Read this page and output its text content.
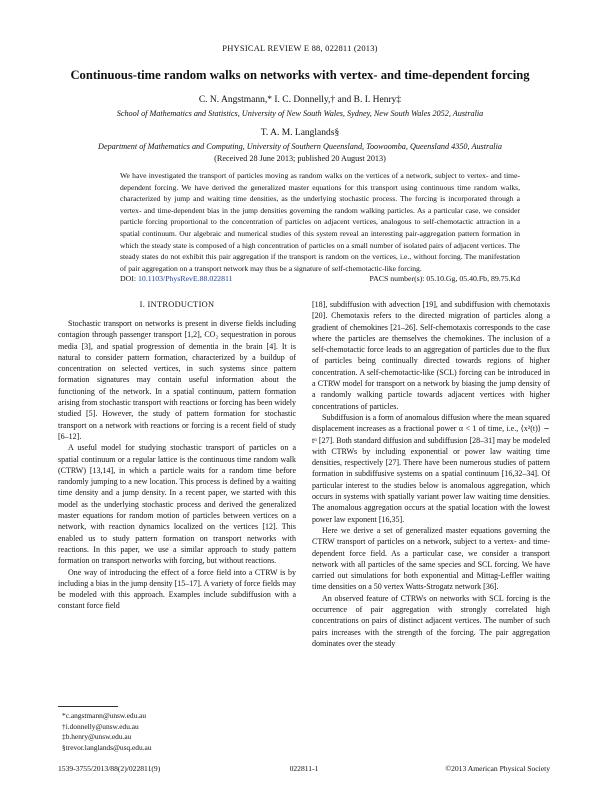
PHYSICAL REVIEW E 88, 022811 (2013)
Continuous-time random walks on networks with vertex- and time-dependent forcing
C. N. Angstmann,* I. C. Donnelly,† and B. I. Henry‡
School of Mathematics and Statistics, University of New South Wales, Sydney, New South Wales 2052, Australia
T. A. M. Langlands§
Department of Mathematics and Computing, University of Southern Queensland, Toowoomba, Queensland 4350, Australia
(Received 28 June 2013; published 20 August 2013)
We have investigated the transport of particles moving as random walks on the vertices of a network, subject to vertex- and time-dependent forcing. We have derived the generalized master equations for this transport using continuous time random walks, characterized by jump and waiting time densities, as the underlying stochastic process. The forcing is incorporated through a vertex- and time-dependent bias in the jump densities governing the random walking particles. As a particular case, we consider particle forcing proportional to the concentration of particles on adjacent vertices, analogous to self-chemotactic attraction in a spatial continuum. Our algebraic and numerical studies of this system reveal an interesting pair-aggregation pattern formation in which the steady state is composed of a high concentration of particles on a small number of isolated pairs of adjacent vertices. The steady states do not exhibit this pair aggregation if the transport is random on the vertices, i.e., without forcing. The manifestation of pair aggregation on a transport network may thus be a signature of self-chemotactic-like forcing.
DOI: 10.1103/PhysRevE.88.022811	PACS number(s): 05.10.Gg, 05.40.Fb, 89.75.Kd
I. INTRODUCTION

Stochastic transport on networks is present in diverse fields including contagion through passenger transport [1,2], CO₂ sequestration in porous media [3], and spatial progression of dementia in the brain [4]. It is natural to consider pattern formation, characterized by a buildup of concentration on selected vertices, in such systems since pattern formation signatures may contain useful information about the functioning of the network. In a spatial continuum, pattern formation arising from stochastic transport with reactions or forcing has been widely studied [5]. However, the study of pattern formation for stochastic transport on a network with reactions or forcing is a recent field of study [6–12].

A useful model for studying stochastic transport of particles on a spatial continuum or a regular lattice is the continuous time random walk (CTRW) [13,14], in which a particle waits for a random time before randomly jumping to a new location. This process is defined by a waiting time density and a jump density. In a recent paper, we started with this model as the underlying stochastic process and derived the generalized master equations for random motion of particles between vertices on a network, with reaction dynamics localized on the vertices [12]. This enabled us to study pattern formation on transport networks with reactions. In this paper, we use a similar approach to study pattern formation on transport networks with forcing, but without reactions.

One way of introducing the effect of a force field into a CTRW is by including a bias in the jump density [15–17]. A variety of force fields may be modeled with this approach. Examples include subdiffusion with a constant force field

[18], subdiffusion with advection [19], and subdiffusion with chemotaxis [20]. Chemotaxis refers to the directed migration of particles along a gradient of chemokines [21–26]. Self-chemotaxis corresponds to the case where the particles are themselves the chemokines. The inclusion of a self-chemotactic force leads to an aggregation of particles due to the flux of particles being continually directed towards regions of higher concentration. A self-chemotactic-like (SCL) forcing can be introduced in a CTRW model for transport on a network by biasing the jump density of a randomly walking particle towards adjacent vertices with higher concentrations of particles.

Subdiffusion is a form of anomalous diffusion where the mean squared displacement increases as a fractional power α < 1 of time, i.e., ⟨x²(t)⟩ ∼ tᵅ [27]. Both standard diffusion and subdiffusion [28–31] may be modeled with CTRWs by including exponential or power law waiting time densities, respectively [27]. There have been numerous studies of pattern formation in subdiffusive systems on a spatial continuum [16,32–34]. Of particular interest to the studies below is anomalous aggregation, which occurs in systems with spatially variant power law waiting time densities. The anomalous aggregation occurs at the spatial location with the lowest power law exponent [16,35].

Here we derive a set of generalized master equations governing the CTRW transport of particles on a network, subject to a vertex- and time-dependent force field. As a particular case, we consider a transport network with all particles of the same species and SCL forcing. We have carried out simulations for both exponential and Mittag-Leffler waiting time densities on a 50 vertex Watts-Strogatz network [36].

An observed feature of CTRWs on networks with SCL forcing is the occurrence of pair aggregation with strongly correlated high concentrations on pairs of distinct adjacent vertices. The number of such pairs increases with the strength of the forcing. The pair aggregation dominates over the steady

*c.angstmann@unsw.edu.au
†i.donnelly@unsw.edu.au
‡b.henry@unsw.edu.au
§trevor.langlands@usq.edu.au
1539-3755/2013/88(2)/022811(9)	022811-1	©2013 American Physical Society
